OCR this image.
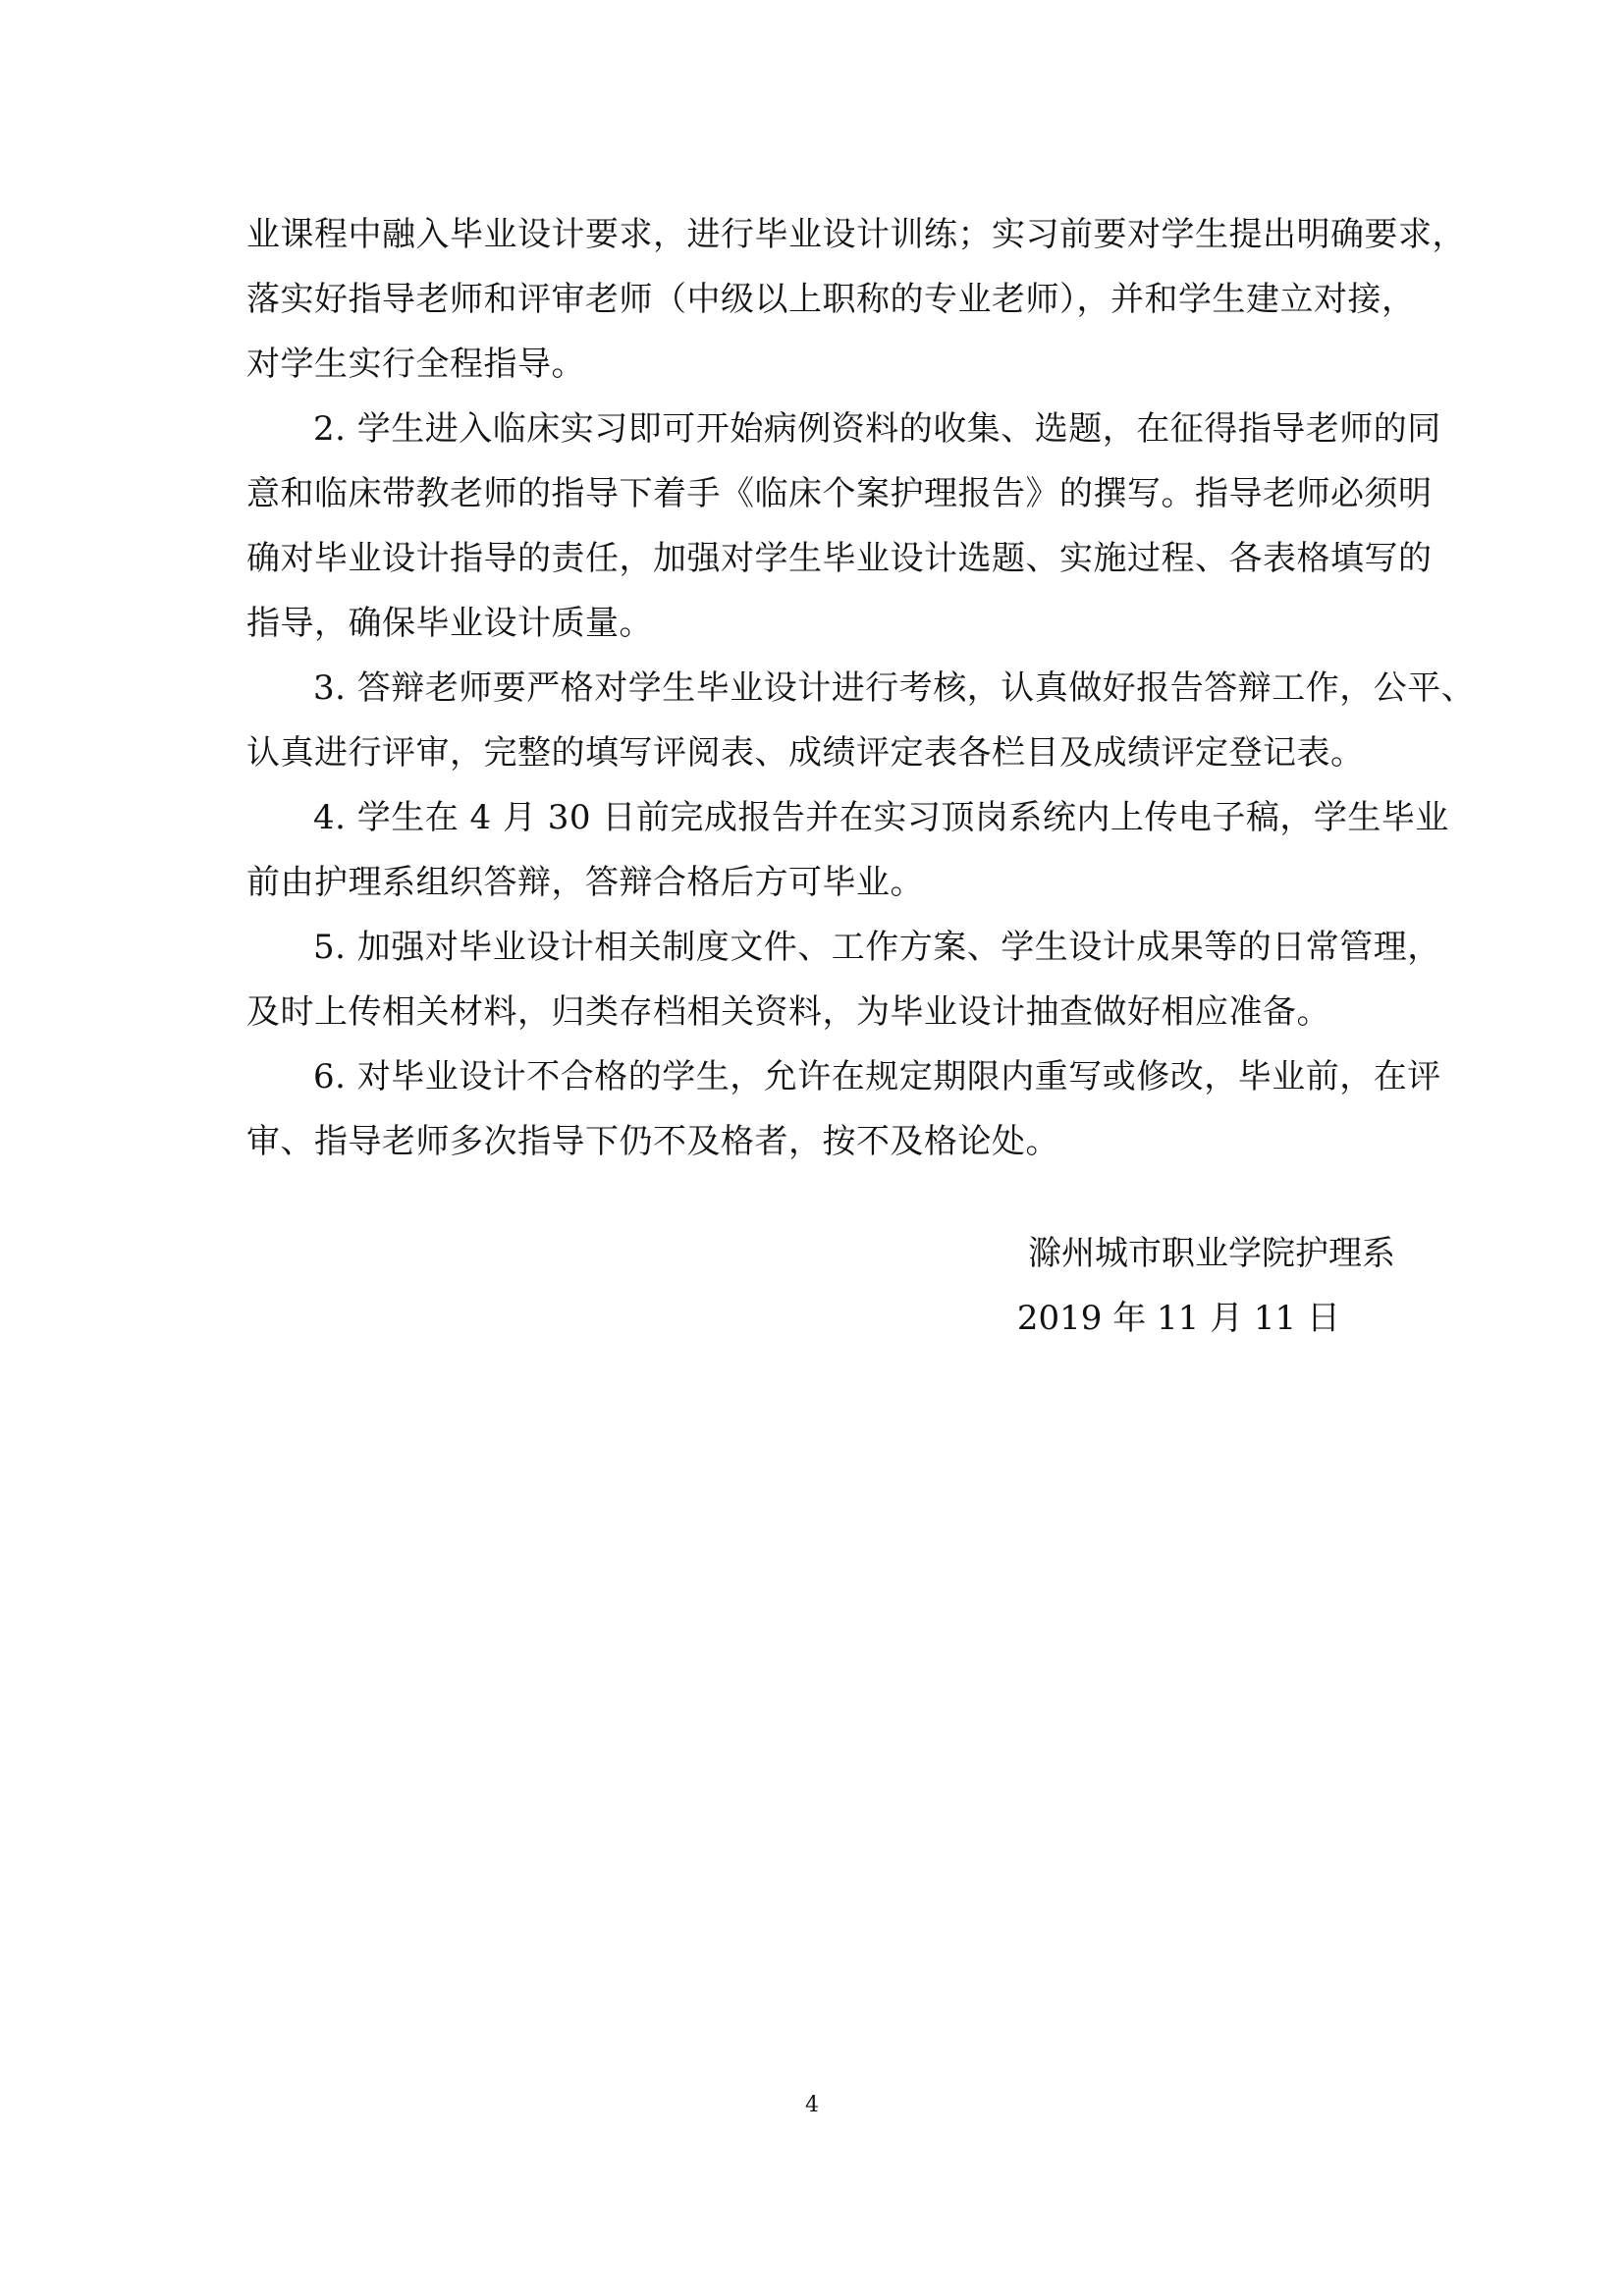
业课程中融入毕业设计要求，进行毕业设计训练；实习前要对学生提出明确要求，
落实好指导老师和评审老师（中级以上职称的专业老师），并和学生建立对接，
对学生实行全程指导。
2. 学生进入临床实习即可开始病例资料的收集、选题，在征得指导老师的同
意和临床带教老师的指导下着手《临床个案护理报告》的撰写。指导老师必须明
确对毕业设计指导的责任，加强对学生毕业设计选题、实施过程、各表格填写的
指导，确保毕业设计质量。
3. 答辩老师要严格对学生毕业设计进行考核，认真做好报告答辩工作，公平、
认真进行评审，完整的填写评阅表、成绩评定表各栏目及成绩评定登记表。
4. 学生在 4 月 30 日前完成报告并在实习顶岗系统内上传电子稿，学生毕业
前由护理系组织答辩，答辩合格后方可毕业。
5. 加强对毕业设计相关制度文件、工作方案、学生设计成果等的日常管理，
及时上传相关材料，归类存档相关资料，为毕业设计抽查做好相应准备。
6. 对毕业设计不合格的学生，允许在规定期限内重写或修改，毕业前，在评
审、指导老师多次指导下仍不及格者，按不及格论处。
滁州城市职业学院护理系
2019 年 11 月 11 日
4
